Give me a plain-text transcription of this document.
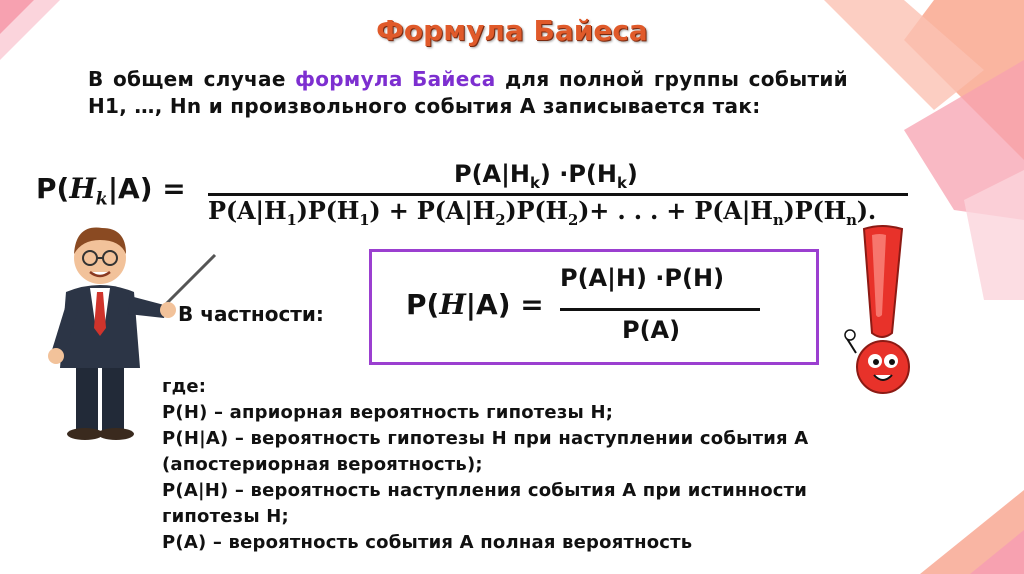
Формула Байеса
В общем случае формула Байеса для полной группы событий H1, …, Hn и произвольного события A записывается так:
$P(H_k|A)$ =	$P(A|H_k) \cdot P(H_k)$
$P(A|H_1)P(H_1) + P(A|H_2)P(H_2)+$ . . . + $P(A|H_n)P(H_n)$.
В частности:	P(H|A) =
P(A|H) ·P(H)
P(A)
где:
P(H) – априорная вероятность гипотезы H;
P(H|A) – вероятность гипотезы H при наступлении события A
(апостериорная вероятность);
P(A|H) – вероятность наступления события A при истинности
гипотезы H;
P(A) – вероятность события A полная вероятность
